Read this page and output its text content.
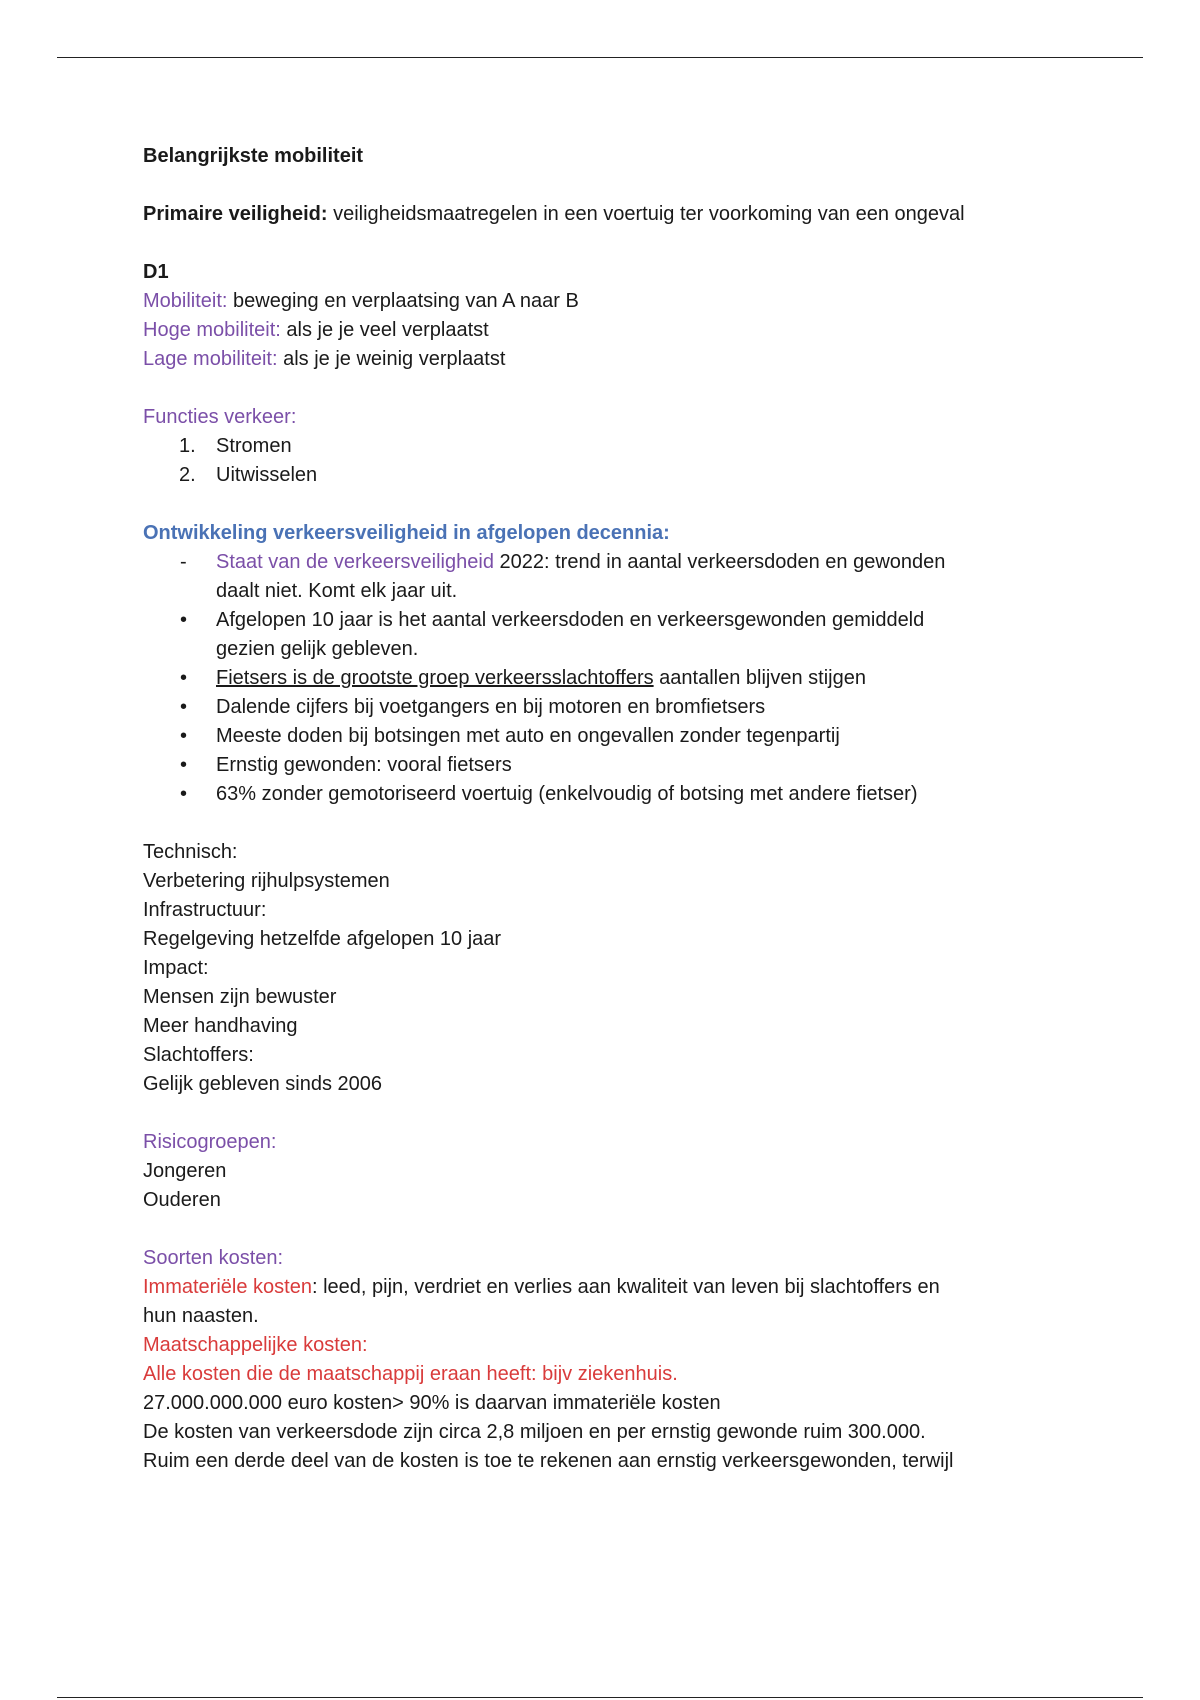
Belangrijkste mobiliteit
Primaire veiligheid: veiligheidsmaatregelen in een voertuig ter voorkoming van een ongeval
D1
Mobiliteit: beweging en verplaatsing van A naar B
Hoge mobiliteit: als je je veel verplaatst
Lage mobiliteit: als je je weinig verplaatst
Functies verkeer:
1. Stromen
2. Uitwisselen
Ontwikkeling verkeersveiligheid in afgelopen decennia:
- Staat van de verkeersveiligheid 2022: trend in aantal verkeersdoden en gewonden
daalt niet. Komt elk jaar uit.
• Afgelopen 10 jaar is het aantal verkeersdoden en verkeersgewonden gemiddeld
gezien gelijk gebleven.
• Fietsers is de grootste groep verkeersslachtoffers aantallen blijven stijgen
• Dalende cijfers bij voetgangers en bij motoren en bromfietsers
• Meeste doden bij botsingen met auto en ongevallen zonder tegenpartij
• Ernstig gewonden: vooral fietsers
• 63% zonder gemotoriseerd voertuig (enkelvoudig of botsing met andere fietser)
Technisch:
Verbetering rijhulpsystemen
Infrastructuur:
Regelgeving hetzelfde afgelopen 10 jaar
Impact:
Mensen zijn bewuster
Meer handhaving
Slachtoffers:
Gelijk gebleven sinds 2006
Risicogroepen:
Jongeren
Ouderen
Soorten kosten:
Immateriële kosten: leed, pijn, verdriet en verlies aan kwaliteit van leven bij slachtoffers en
hun naasten.
Maatschappelijke kosten:
Alle kosten die de maatschappij eraan heeft: bijv ziekenhuis.
27.000.000.000 euro kosten> 90% is daarvan immateriële kosten
De kosten van verkeersdode zijn circa 2,8 miljoen en per ernstig gewonde ruim 300.000.
Ruim een derde deel van de kosten is toe te rekenen aan ernstig verkeersgewonden, terwijl
